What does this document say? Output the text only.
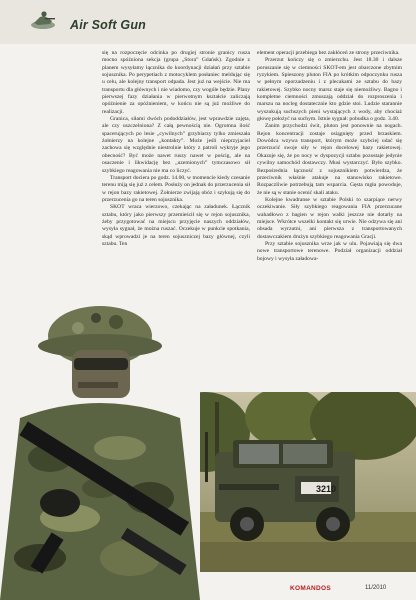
Air Soft Gun

się na rozpoczęcie odcinka po drugiej stronie granicy rusza mocno spóźniona sekcja (grupa „Stora” Gdańsk). Zgodnie z planem wysyłamy łącznika do koordynacji działań przy sztabie sojusznika. Po perypetiach z motocyklem posłaniec meldując się u celu, ale kolejny transport odpada. Jest już na wejście. Nie ma transportu dla głównych i nie wiadomo, czy wogóle będzie. Plany pierwszej fazy działania w pierwotnym kształcie zaliczają opóźnienie za opóźnieniem, w końcu nie są już możliwe do realizacji.

Granica, siłami dwóch pododdziałów, jest wprawdzie zajęta, ale czy uszczelniona? Z całą pewnością nie. Ogromna ilość spacerujących po lesie „cywilnych” grzybiarzy tylko zmieszała żołnierzy na kolejne „kontakty”. Może jeśli nieprzyjaciel zachowa się względnie niestrolnie który z patroli wykryje jego obecność? Być może nawet ruszy nawet w pościg, ale na osaczenie i likwidację bez „uzemionych” tymczasowo sił szybkiego reagowania nie ma co liczyć.

Transport dociera po godz. 14.00, w momencie kiedy czesanie terenu miją się już z celem. Posłuży on jednak do przerzucenia sił w rejon bazy rakietowej. Żołnierze zwijają obóz i szykują się do przerzucenia go na teren sojusznika.

SKOT wraca wierzowo, czekając na załadunek. Łącznik sztabu, który jako pierwszy przemieścił się w rejon sojusznika, żeby przygotować na miejscu przyjęcie naszych oddziałów, wysyła sygnał, że można ruszać. Oczekuje w punkcie spotkania, skąd wprowadzi je na teren sojuszniczej bazy głównej, czyli sztabu. Ten

element operacji przebiega bez zakłóceń ze strony przeciwnika.

Przerzut kończy się o zmierzchu. Jest 18.30 i dalsze poruszanie się w ciemności SKOT-em jest obarczone zbytnim ryzykiem. Spieszony pluton FIA po krótkim odpoczynku rusza w pełnym oporzadzeniu i z plecakami ze sztabu do bazy rakietowej. Szybko nocny marsz staje się niemożliwy. Bagno i kompletne ciemności zmuszają oddział do rozproszenia i marszu na nocleg dostatecznie kto gdzie stoi. Ludzie starannie wyszukują suchszych pieni wystających z wody, aby chociaż głowę położyć na suchym. Istnie sygnał: pobudka o godz. 3.40.

Zanim przychodzi świt, pluton jest ponownie na nogach. Rejon koncentracji zostaje osiągnięty przed brzaskiem. Dowódca wzywa transport, którym może szybciej udać się przerzucić swoje siły w rejon docelowej bazy rakietowej. Okazuje się, że po nocy w dyspozycji sztabu pozostaje jedynie cywilny samochód dostawczy. Musi wystarczyć. Było szybko. Bezpośrednia łączność z sojusznikiem potwierdza, że przeciwnik właśnie atakuje na stanowisko rakietowe. Rozpaczliwie potrzebują tam wsparcia. Gęsta mgła powoduje, że nie są w stanie ocenić skali ataku.

Kolejne kwadranse w sztabie Polski to szarpiące nerwy oczekiwanie. Siły szybkiego reagowania FIA przerzucane wahadłowo z bagien w rejon walki jeszcze nie dotarły na miejsce. Wkrótce wszelki kontakt się urwie. Nie odzywa się ani obsada wyrzutni, ani pierwsza z transportowanych dostawczakiem drużyn szybkiego reagowania Gracji.

Przy sztabie sojusznika wrze jak w ulu. Pojawiają się dwa nowe transportowe terenowe. Podział organizacji oddział bojowy i wysyła załadowa-

3210
KOMANDOS	11/2010
